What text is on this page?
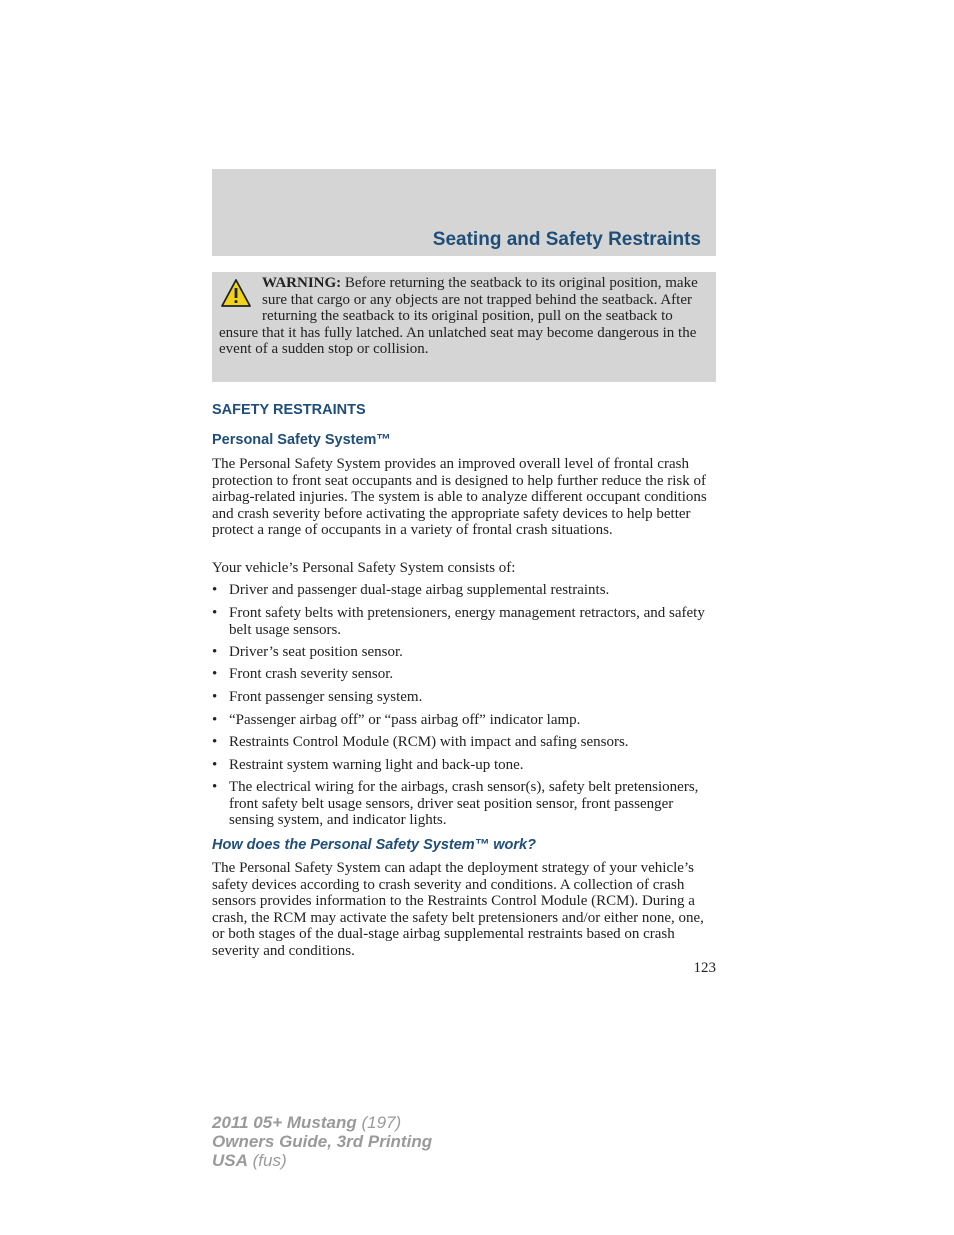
Seating and Safety Restraints
WARNING: Before returning the seatback to its original position, make sure that cargo or any objects are not trapped behind the seatback. After returning the seatback to its original position, pull on the seatback to ensure that it has fully latched. An unlatched seat may become dangerous in the event of a sudden stop or collision.
SAFETY RESTRAINTS
Personal Safety System™

The Personal Safety System provides an improved overall level of frontal crash protection to front seat occupants and is designed to help further reduce the risk of airbag-related injuries. The system is able to analyze different occupant conditions and crash severity before activating the appropriate safety devices to help better protect a range of occupants in a variety of frontal crash situations.

Your vehicle’s Personal Safety System consists of:

• Driver and passenger dual-stage airbag supplemental restraints.
• Front safety belts with pretensioners, energy management retractors, and safety belt usage sensors.
• Driver’s seat position sensor.
• Front crash severity sensor.
• Front passenger sensing system.
• “Passenger airbag off” or “pass airbag off” indicator lamp.
• Restraints Control Module (RCM) with impact and safing sensors.
• Restraint system warning light and back-up tone.
• The electrical wiring for the airbags, crash sensor(s), safety belt pretensioners, front safety belt usage sensors, driver seat position sensor, front passenger sensing system, and indicator lights.
How does the Personal Safety System™ work?

The Personal Safety System can adapt the deployment strategy of your vehicle’s safety devices according to crash severity and conditions. A collection of crash sensors provides information to the Restraints Control Module (RCM). During a crash, the RCM may activate the safety belt pretensioners and/or either none, one, or both stages of the dual-stage airbag supplemental restraints based on crash severity and conditions.

123
2011 05+ Mustang (197)
Owners Guide, 3rd Printing
USA (fus)
